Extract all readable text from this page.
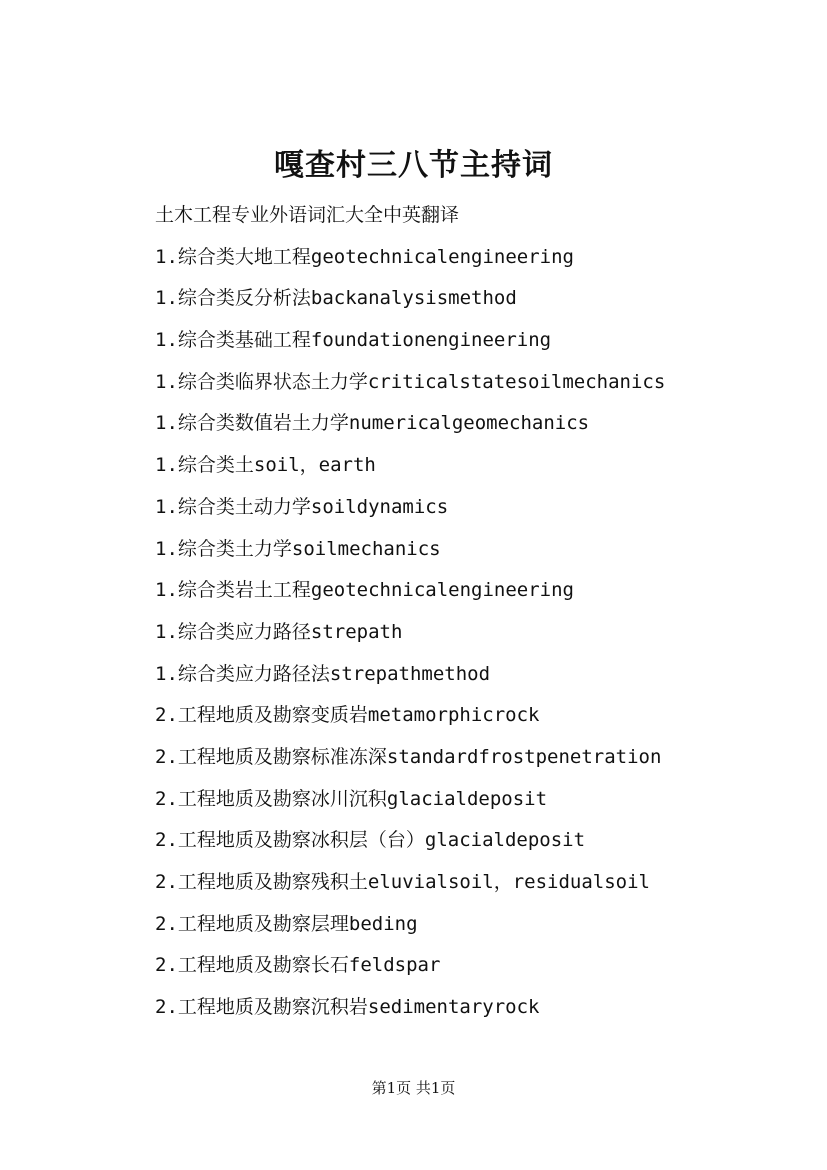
嘎查村三八节主持词
土木工程专业外语词汇大全中英翻译
1.综合类大地工程geotechnicalengineering
1.综合类反分析法backanalysismethod
1.综合类基础工程foundationengineering
1.综合类临界状态土力学criticalstatesoilmechanics
1.综合类数值岩土力学numericalgeomechanics
1.综合类土soil，earth
1.综合类土动力学soildynamics
1.综合类土力学soilmechanics
1.综合类岩土工程geotechnicalengineering
1.综合类应力路径strepath
1.综合类应力路径法strepathmethod
2.工程地质及勘察变质岩metamorphicrock
2.工程地质及勘察标准冻深standardfrostpenetration
2.工程地质及勘察冰川沉积glacialdeposit
2.工程地质及勘察冰积层（台）glacialdeposit
2.工程地质及勘察残积土eluvialsoil，residualsoil
2.工程地质及勘察层理beding
2.工程地质及勘察长石feldspar
2.工程地质及勘察沉积岩sedimentaryrock
第1页 共1页
